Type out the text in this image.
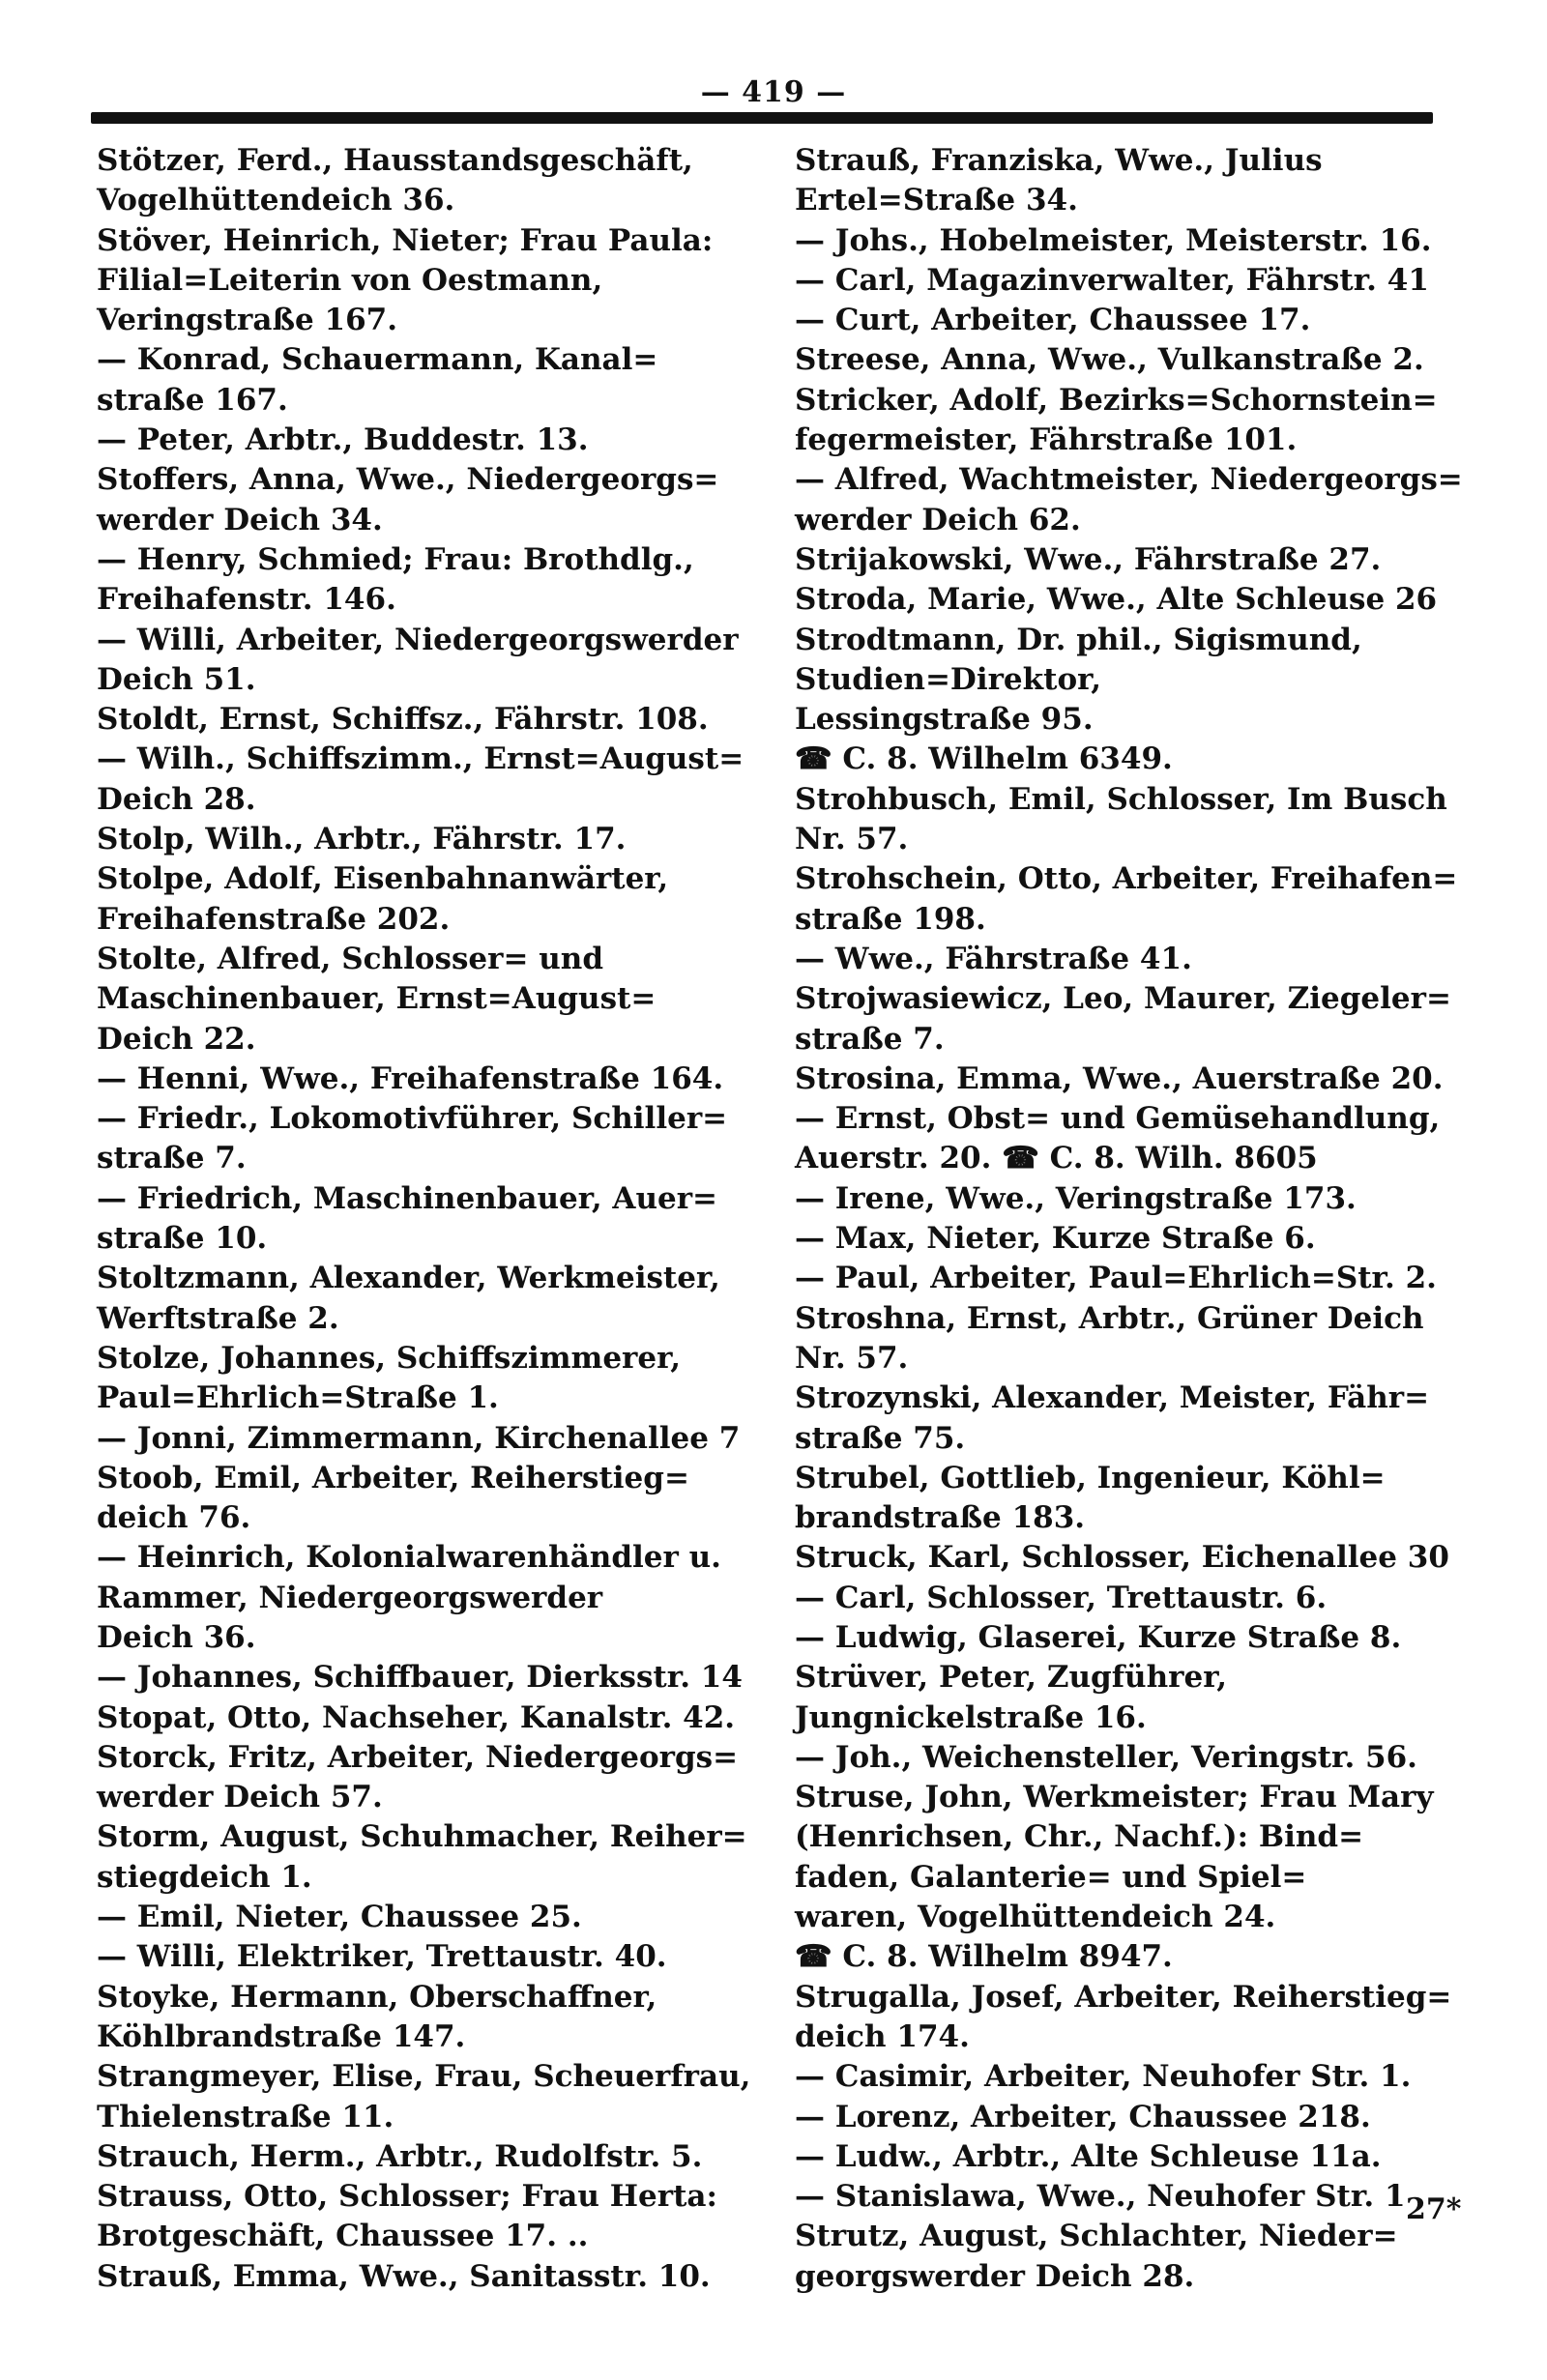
— 419 —

Stötzer, Ferd., Hausstandsgeschäft,
Vogelhüttendeich 36.

Stöver, Heinrich, Nieter; Frau Paula:
Filial=Leiterin von Oestmann,
Veringstraße 167.

— Konrad, Schauermann, Kanal=
straße 167.

— Peter, Arbtr., Buddestr. 13.

Stoffers, Anna, Wwe., Niedergeorgs=
werder Deich 34.

— Henry, Schmied; Frau: Brothdlg.,
Freihafenstr. 146.

— Willi, Arbeiter, Niedergeorgswerder
Deich 51.

Stoldt, Ernst, Schiffsz., Fährstr. 108.

— Wilh., Schiffszimm., Ernst=August=
Deich 28.

Stolp, Wilh., Arbtr., Fährstr. 17.

Stolpe, Adolf, Eisenbahnanwärter,
Freihafenstraße 202.

Stolte, Alfred, Schlosser= und
Maschinenbauer, Ernst=August=
Deich 22.

— Henni, Wwe., Freihafenstraße 164.

— Friedr., Lokomotivführer, Schiller=
straße 7.

— Friedrich, Maschinenbauer, Auer=
straße 10.

Stoltzmann, Alexander, Werkmeister,
Werftstraße 2.

Stolze, Johannes, Schiffszimmerer,
Paul=Ehrlich=Straße 1.

— Jonni, Zimmermann, Kirchenallee 7

Stoob, Emil, Arbeiter, Reiherstieg=
deich 76.

— Heinrich, Kolonialwarenhändler u.
Rammer, Niedergeorgswerder
Deich 36.

— Johannes, Schiffbauer, Dierksstr. 14

Stopat, Otto, Nachseher, Kanalstr. 42.

Storck, Fritz, Arbeiter, Niedergeorgs=
werder Deich 57.

Storm, August, Schuhmacher, Reiher=
stiegdeich 1.

— Emil, Nieter, Chaussee 25.

— Willi, Elektriker, Trettaustr. 40.

Stoyke, Hermann, Oberschaffner,
Köhlbrandstraße 147.

Strangmeyer, Elise, Frau, Scheuerfrau,
Thielenstraße 11.

Strauch, Herm., Arbtr., Rudolfstr. 5.

Strauss, Otto, Schlosser; Frau Herta:
Brotgeschäft, Chaussee 17. ..

Strauß, Emma, Wwe., Sanitasstr. 10.

Strauß, Franziska, Wwe., Julius
Ertel=Straße 34.

— Johs., Hobelmeister, Meisterstr. 16.

— Carl, Magazinverwalter, Fährstr. 41

— Curt, Arbeiter, Chaussee 17.

Streese, Anna, Wwe., Vulkanstraße 2.

Stricker, Adolf, Bezirks=Schornstein=
fegermeister, Fährstraße 101.

— Alfred, Wachtmeister, Niedergeorgs=
werder Deich 62.

Strijakowski, Wwe., Fährstraße 27.

Stroda, Marie, Wwe., Alte Schleuse 26

Strodtmann, Dr. phil., Sigismund,
Studien=Direktor,
Lessingstraße 95.
☎ C. 8. Wilhelm 6349.

Strohbusch, Emil, Schlosser, Im Busch
Nr. 57.

Strohschein, Otto, Arbeiter, Freihafen=
straße 198.

— Wwe., Fährstraße 41.

Strojwasiewicz, Leo, Maurer, Ziegeler=
straße 7.

Strosina, Emma, Wwe., Auerstraße 20.

— Ernst, Obst= und Gemüsehandlung,
Auerstr. 20. ☎ C. 8. Wilh. 8605

— Irene, Wwe., Veringstraße 173.

— Max, Nieter, Kurze Straße 6.

— Paul, Arbeiter, Paul=Ehrlich=Str. 2.

Stroshna, Ernst, Arbtr., Grüner Deich
Nr. 57.

Strozynski, Alexander, Meister, Fähr=
straße 75.

Strubel, Gottlieb, Ingenieur, Köhl=
brandstraße 183.

Struck, Karl, Schlosser, Eichenallee 30

— Carl, Schlosser, Trettaustr. 6.

— Ludwig, Glaserei, Kurze Straße 8.

Strüver, Peter, Zugführer,
Jungnickelstraße 16.

— Joh., Weichensteller, Veringstr. 56.

Struse, John, Werkmeister; Frau Mary
(Henrichsen, Chr., Nachf.): Bind=
faden, Galanterie= und Spiel=
waren, Vogelhüttendeich 24.
☎ C. 8. Wilhelm 8947.

Strugalla, Josef, Arbeiter, Reiherstieg=
deich 174.

— Casimir, Arbeiter, Neuhofer Str. 1.

— Lorenz, Arbeiter, Chaussee 218.

— Ludw., Arbtr., Alte Schleuse 11a.

— Stanislawa, Wwe., Neuhofer Str. 1

Strutz, August, Schlachter, Nieder=
georgswerder Deich 28.

27*
